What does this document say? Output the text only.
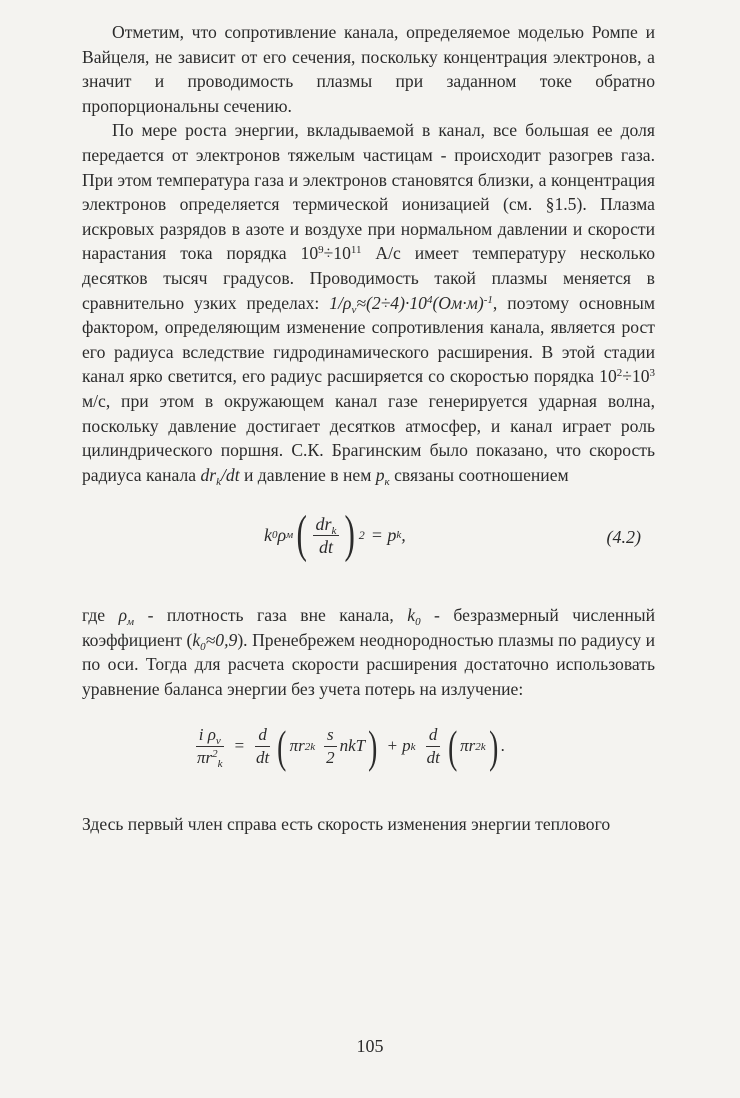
Отметим, что сопротивление канала, определяемое моделью Ромпе и Вайцеля, не зависит от его сечения, поскольку концентрация электронов, а значит и проводимость плазмы при заданном токе обратно пропорциональны сечению.

По мере роста энергии, вкладываемой в канал, все большая ее доля передается от электронов тяжелым частицам - происходит разогрев газа. При этом температура газа и электронов становятся близки, а концентрация электронов определяется термической ионизацией (см. §1.5). Плазма искровых разрядов в азоте и воздухе при нормальном давлении и скорости нарастания тока порядка $10^9\div 10^{11}$ А/с имеет температуру несколько десятков тысяч градусов. Проводимость такой плазмы меняется в сравнительно узких пределах: $1/\rho_v\approx(2\div 4)\cdot 10^4(Ом\cdot м)^{-1}$, поэтому основным фактором, определяющим изменение сопротивления канала, является рост его радиуса вследствие гидродинамического расширения. В этой стадии канал ярко светится, его радиус расширяется со скоростью порядка $10^2\div 10^3$ м/с, при этом в окружающем канал газе генерируется ударная волна, поскольку давление достигает десятков атмосфер, и канал играет роль цилиндрического поршня. С.К. Брагинским было показано, что скорость радиуса канала $dr_k/dt$ и давление в нем $p_к$ связаны соотношением

k 0 ρ м ( $\frac{dr_k}{dt}$ ) 2 = p k ,	(4.2)

где $\rho_м$ - плотность газа вне канала, $k_0$ - безразмерный численный коэффициент $(k_0\approx 0,9)$. Пренебрежем неоднородностью плазмы по радиусу и по оси. Тогда для расчета скорости расширения достаточно использовать уравнение баланса энергии без учета потерь на излучение:

$\frac{i \rho_v}{\pi r^2_k} = \frac{d}{dt}$ ( πr 2 k $\frac{s}{2}$ nkT ) + p k $\frac{d}{dt}$ ( πr 2 k ) .

Здесь первый член справа есть скорость изменения энергии теплового

105
